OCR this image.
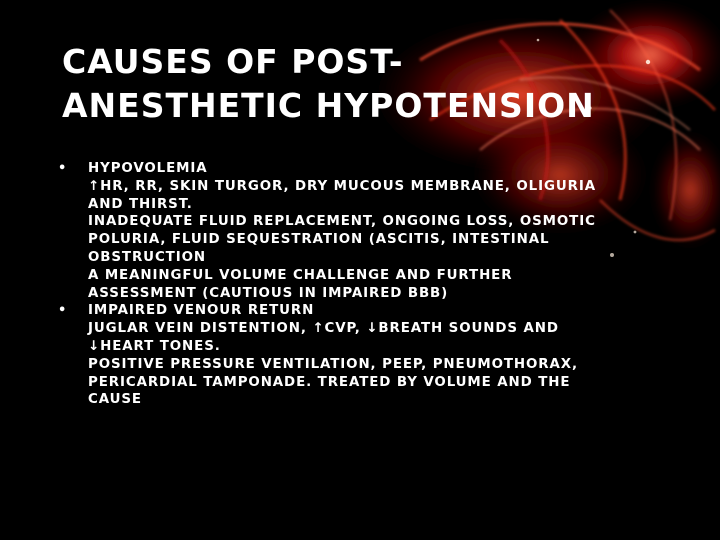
CAUSES OF POST-
ANESTHETIC HYPOTENSION
• HYPOVOLEMIA
↑HR, RR, SKIN TURGOR, DRY MUCOUS MEMBRANE, OLIGURIA
AND THIRST.
INADEQUATE FLUID REPLACEMENT, ONGOING LOSS, OSMOTIC
POLURIA, FLUID SEQUESTRATION (ASCITIS, INTESTINAL
OBSTRUCTION
A MEANINGFUL VOLUME CHALLENGE AND FURTHER
ASSESSMENT (CAUTIOUS IN IMPAIRED BBB)
• IMPAIRED VENOUR RETURN
JUGLAR VEIN DISTENTION, ↑CVP, ↓BREATH SOUNDS AND
↓HEART TONES.
POSITIVE PRESSURE VENTILATION, PEEP, PNEUMOTHORAX,
PERICARDIAL TAMPONADE. TREATED BY VOLUME AND THE
CAUSE
